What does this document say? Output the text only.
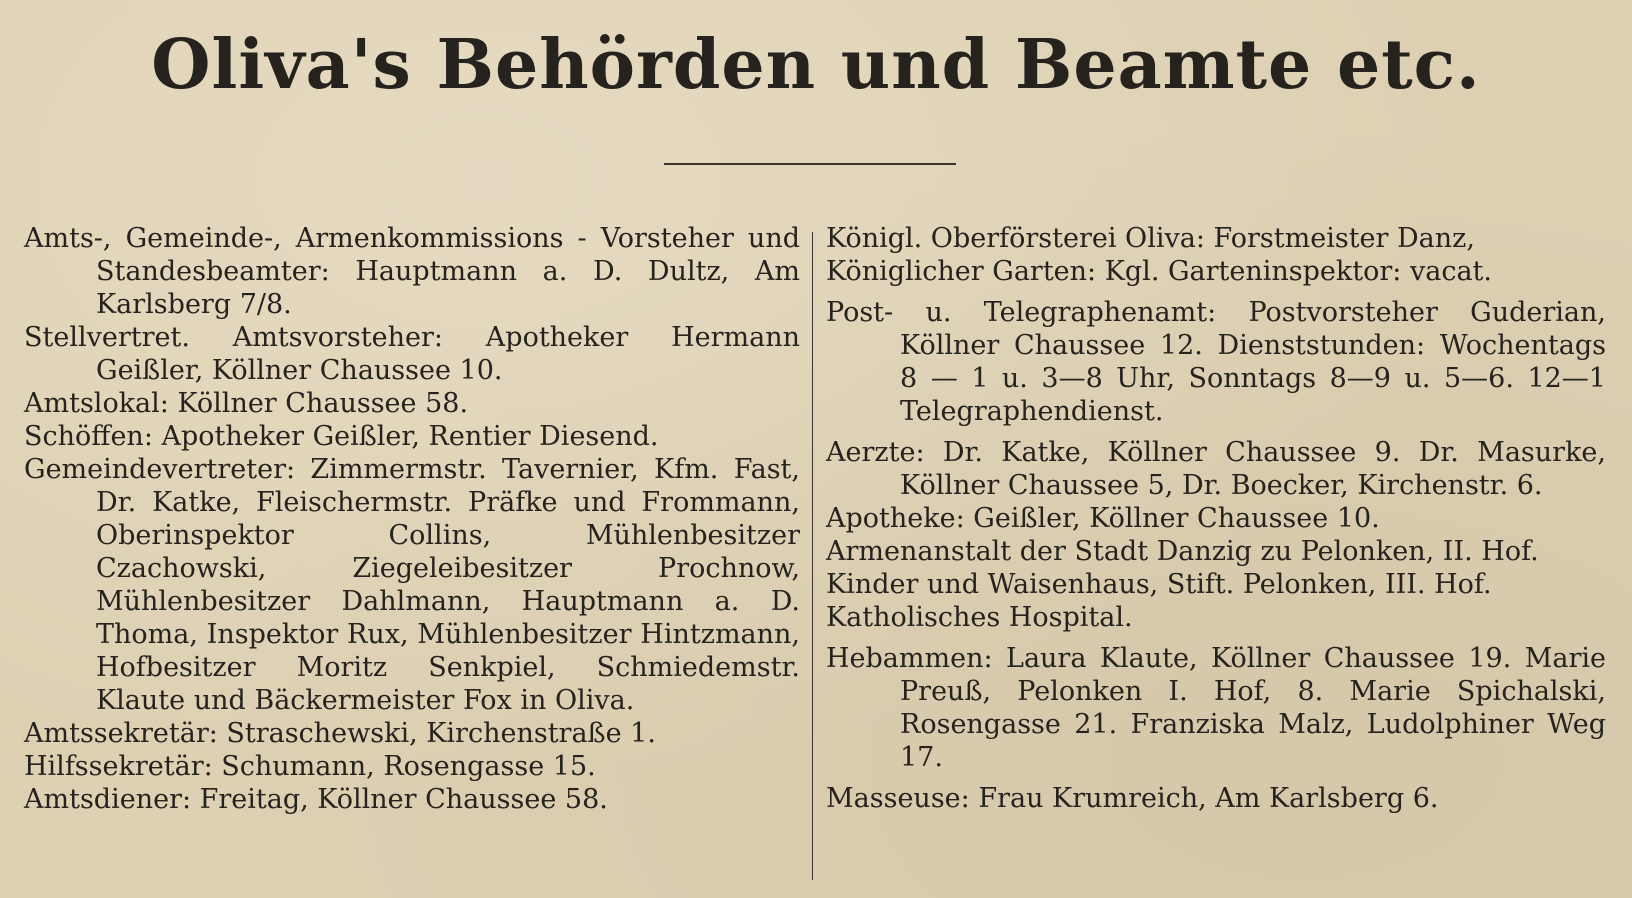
Oliva's Behörden und Beamte etc.
Amts-, Gemeinde-, Armenkommissions - Vorsteher und Standesbeamter: Hauptmann a. D. Dultz, Am Karlsberg 7/8.
Stellvertret. Amtsvorsteher: Apotheker Hermann Geißler, Köllner Chaussee 10.
Amtslokal: Köllner Chaussee 58.
Schöffen: Apotheker Geißler, Rentier Diesend.
Gemeindevertreter: Zimmermstr. Tavernier, Kfm. Fast, Dr. Katke, Fleischermstr. Präfke und Frommann, Oberinspektor Collins, Mühlenbesitzer Czachowski, Ziegeleibesitzer Prochnow, Mühlenbesitzer Dahlmann, Hauptmann a. D. Thoma, Inspektor Rux, Mühlenbesitzer Hintzmann, Hofbesitzer Moritz Senkpiel, Schmiedemstr. Klaute und Bäckermeister Fox in Oliva.
Amtssekretär: Straschewski, Kirchenstraße 1.
Hilfssekretär: Schumann, Rosengasse 15.
Amtsdiener: Freitag, Köllner Chaussee 58.
Königl. Oberförsterei Oliva: Forstmeister Danz,
Königlicher Garten: Kgl. Garteninspektor: vacat.
Post- u. Telegraphenamt: Postvorsteher Guderian, Köllner Chaussee 12. Dienststunden: Wochentags 8 — 1 u. 3—8 Uhr, Sonntags 8—9 u. 5—6. 12—1 Telegraphendienst.
Aerzte: Dr. Katke, Köllner Chaussee 9. Dr. Masurke, Köllner Chaussee 5, Dr. Boecker, Kirchenstr. 6.
Apotheke: Geißler, Köllner Chaussee 10.
Armenanstalt der Stadt Danzig zu Pelonken, II. Hof.
Kinder und Waisenhaus, Stift. Pelonken, III. Hof.
Katholisches Hospital.
Hebammen: Laura Klaute, Köllner Chaussee 19. Marie Preuß, Pelonken I. Hof, 8. Marie Spichalski, Rosengasse 21. Franziska Malz, Ludolphiner Weg 17.
Masseuse: Frau Krumreich, Am Karlsberg 6.
